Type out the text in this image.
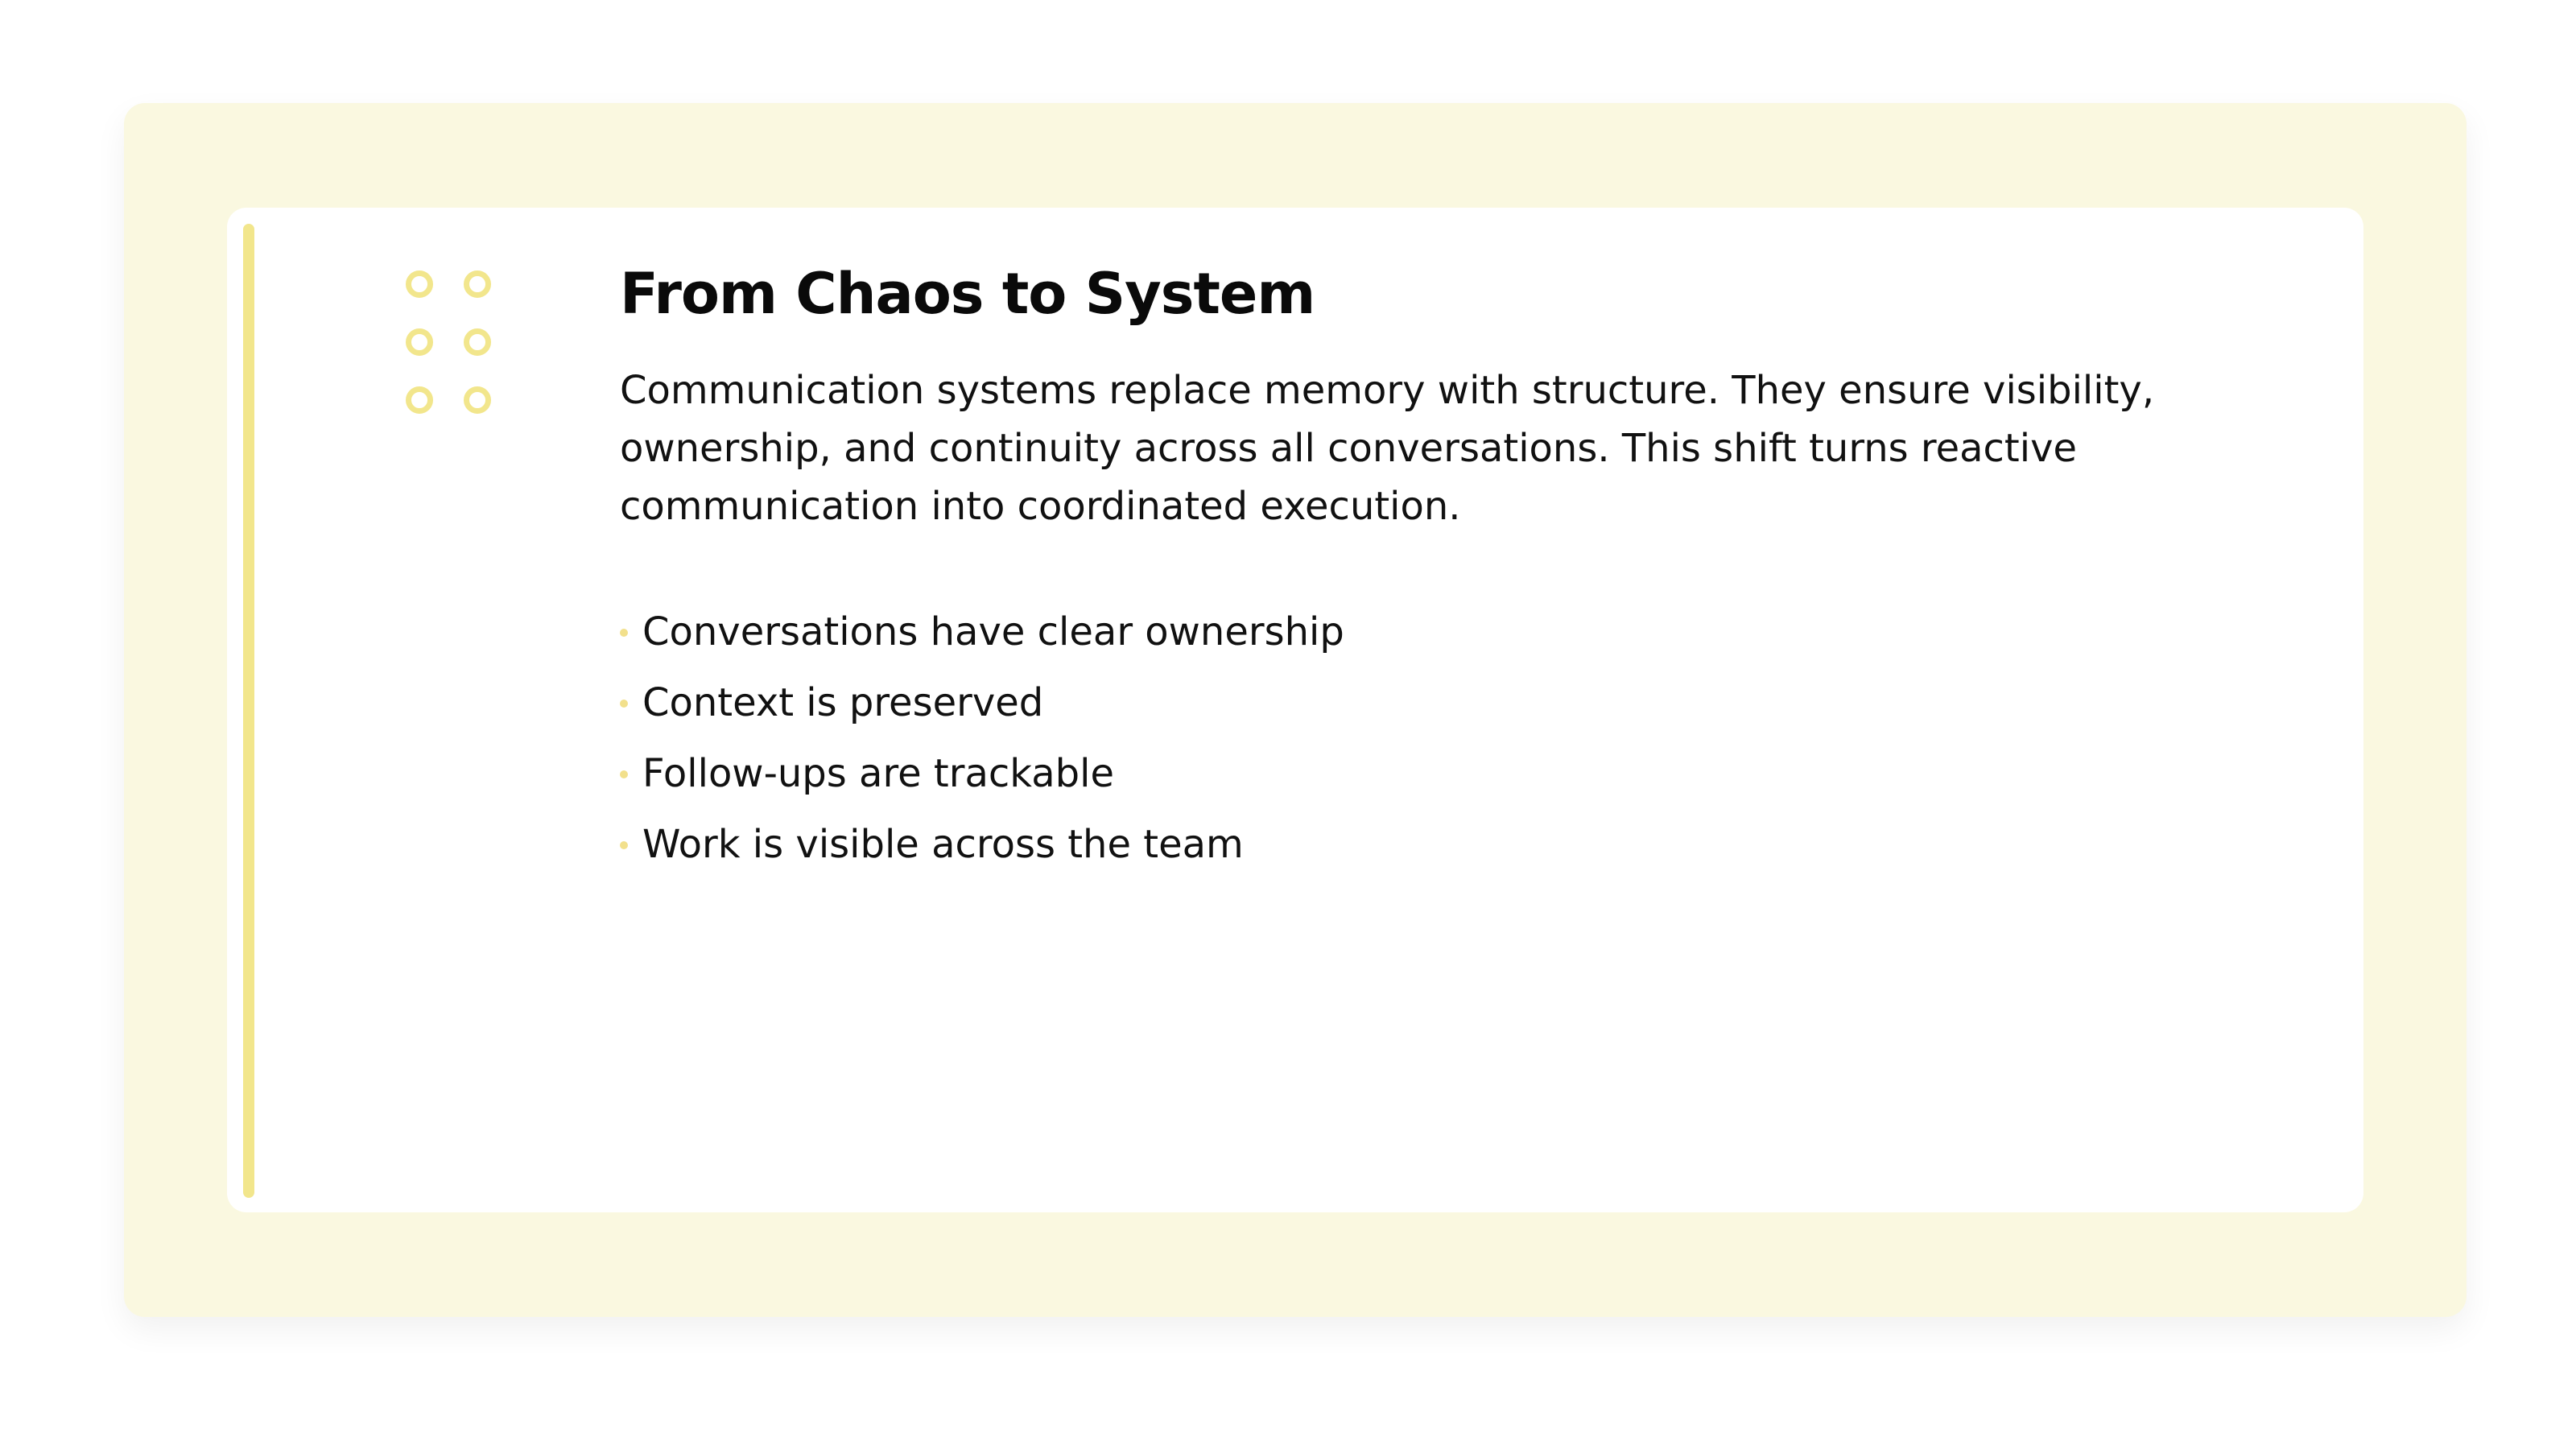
From Chaos to System

Communication systems replace memory with structure. They ensure visibility, ownership, and continuity across all conversations. This shift turns reactive communication into coordinated execution.

Conversations have clear ownership
Context is preserved
Follow-ups are trackable
Work is visible across the team
